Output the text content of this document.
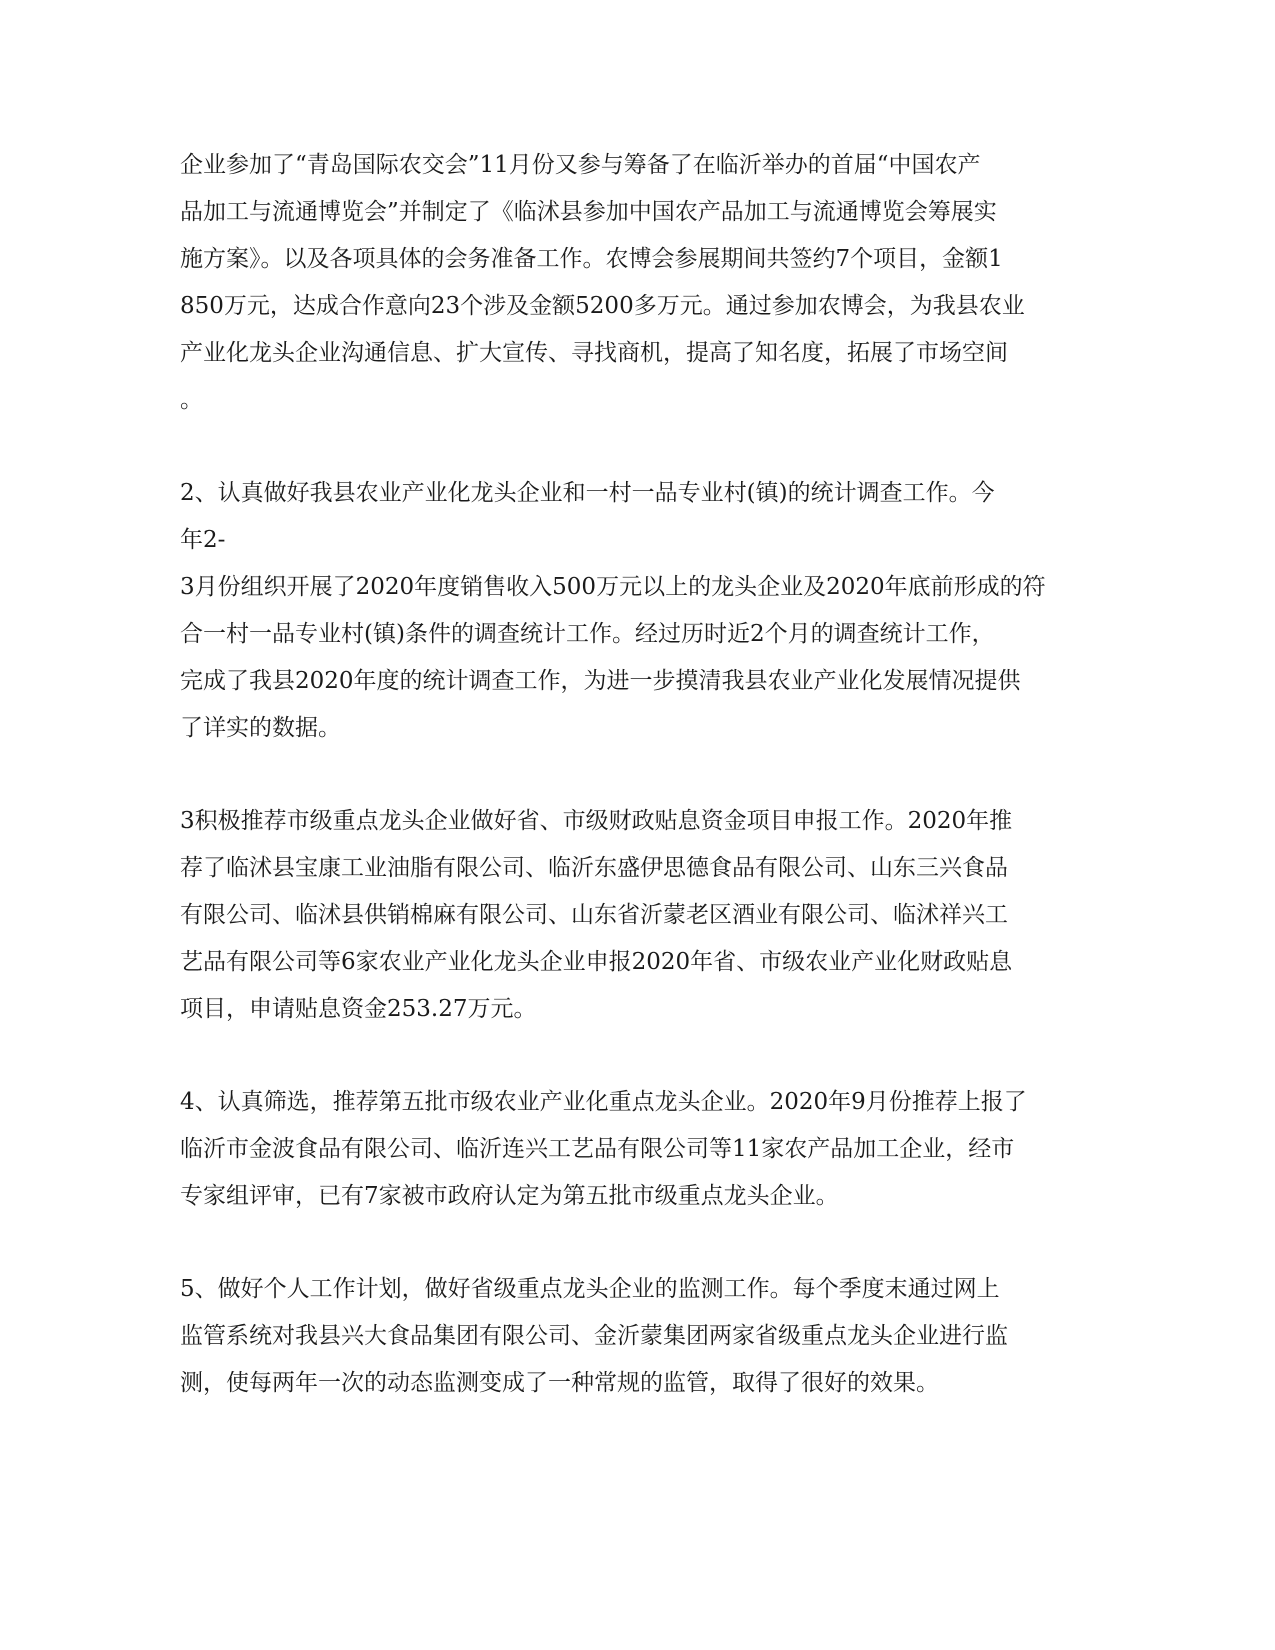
企业参加了“青岛国际农交会”11月份又参与筹备了在临沂举办的首届“中国农产
品加工与流通博览会”并制定了《临沭县参加中国农产品加工与流通博览会筹展实
施方案》。以及各项具体的会务准备工作。农博会参展期间共签约7个项目，金额1
850万元，达成合作意向23个涉及金额5200多万元。通过参加农博会，为我县农业
产业化龙头企业沟通信息、扩大宣传、寻找商机，提高了知名度，拓展了市场空间
。
2、认真做好我县农业产业化龙头企业和一村一品专业村(镇)的统计调查工作。今
年2-
3月份组织开展了2020年度销售收入500万元以上的龙头企业及2020年底前形成的符
合一村一品专业村(镇)条件的调查统计工作。经过历时近2个月的调查统计工作，
完成了我县2020年度的统计调查工作，为进一步摸清我县农业产业化发展情况提供
了详实的数据。
3积极推荐市级重点龙头企业做好省、市级财政贴息资金项目申报工作。2020年推
荐了临沭县宝康工业油脂有限公司、临沂东盛伊思德食品有限公司、山东三兴食品
有限公司、临沭县供销棉麻有限公司、山东省沂蒙老区酒业有限公司、临沭祥兴工
艺品有限公司等6家农业产业化龙头企业申报2020年省、市级农业产业化财政贴息
项目，申请贴息资金253.27万元。
4、认真筛选，推荐第五批市级农业产业化重点龙头企业。2020年9月份推荐上报了
临沂市金波食品有限公司、临沂连兴工艺品有限公司等11家农产品加工企业，经市
专家组评审，已有7家被市政府认定为第五批市级重点龙头企业。
5、做好个人工作计划，做好省级重点龙头企业的监测工作。每个季度末通过网上
监管系统对我县兴大食品集团有限公司、金沂蒙集团两家省级重点龙头企业进行监
测，使每两年一次的动态监测变成了一种常规的监管，取得了很好的效果。
